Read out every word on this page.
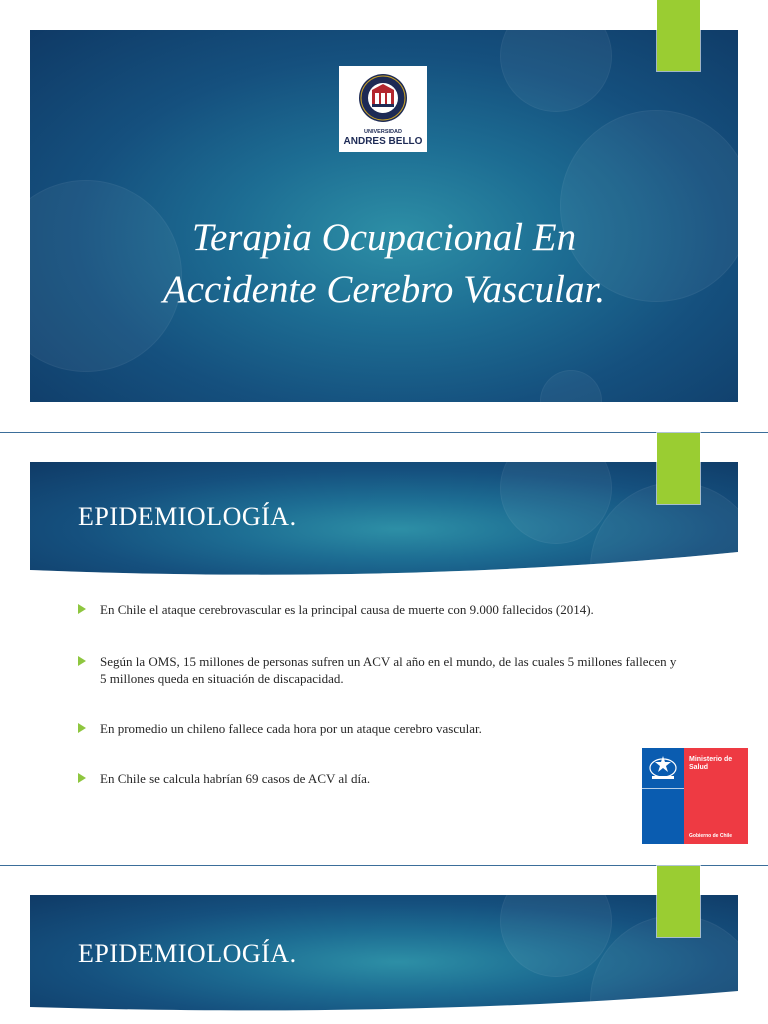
UNIVERSIDAD
ANDRES BELLO
Terapia Ocupacional En
Accidente Cerebro Vascular.
EPIDEMIOLOGÍA.
En Chile el ataque cerebrovascular es la principal causa de muerte con 9.000 fallecidos (2014).
Según la OMS, 15 millones de personas sufren un ACV al año en el mundo, de las cuales 5 millones fallecen y 5 millones queda en situación de discapacidad.
En promedio un chileno fallece cada hora por un ataque cerebro vascular.
En Chile se calcula habrían 69 casos de ACV al día.
Ministerio de Salud
Gobierno de Chile
EPIDEMIOLOGÍA.
